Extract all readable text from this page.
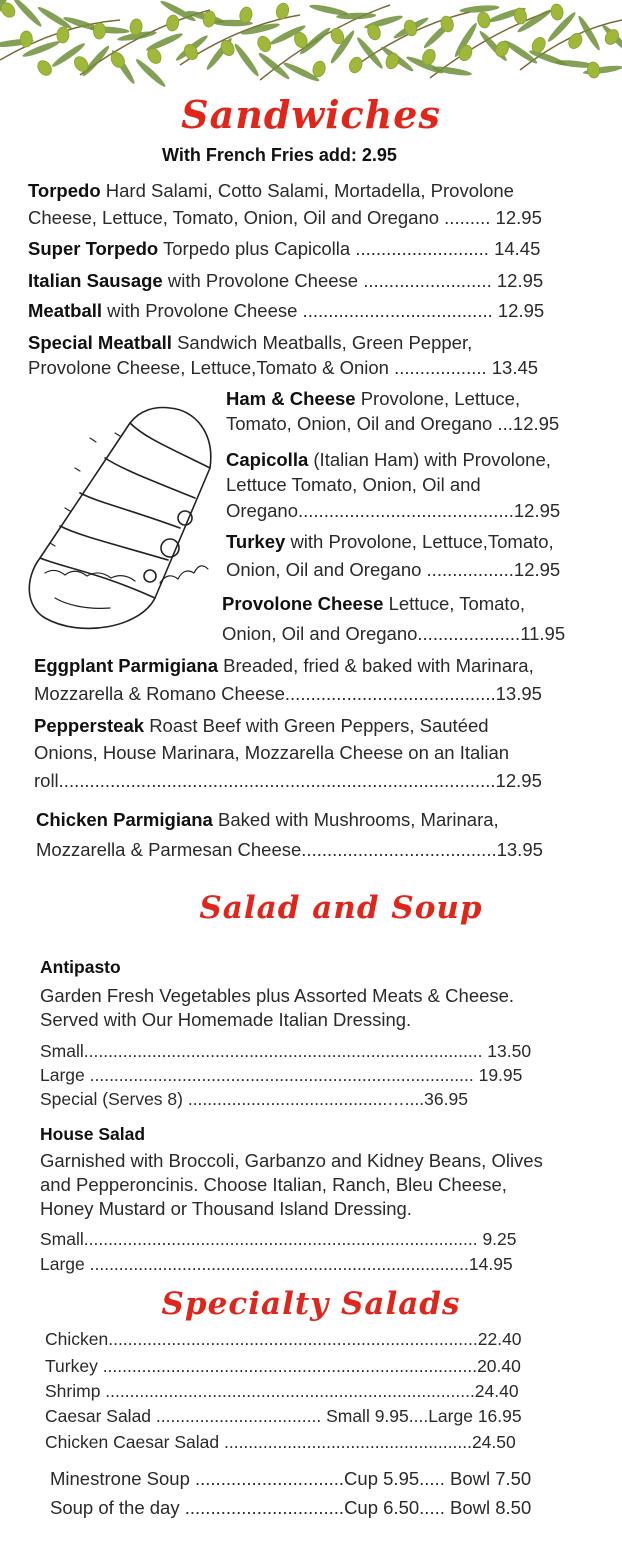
Sandwiches
With French Fries add: 2.95
Torpedo Hard Salami, Cotto Salami, Mortadella, Provolone
Cheese, Lettuce, Tomato, Onion, Oil and Oregano ......... 12.95
Super Torpedo Torpedo plus Capicolla .......................... 14.45
Italian Sausage with Provolone Cheese ......................... 12.95
Meatball with Provolone Cheese ..................................... 12.95
Special Meatball Sandwich Meatballs, Green Pepper,
Provolone Cheese, Lettuce,Tomato & Onion .................. 13.45
Ham & Cheese Provolone, Lettuce,
Tomato, Onion, Oil and Oregano ...12.95
Capicolla (Italian Ham) with Provolone,
Lettuce Tomato, Onion, Oil and
Oregano..........................................12.95
Turkey with Provolone, Lettuce,Tomato,
Onion, Oil and Oregano .................12.95
Provolone Cheese Lettuce, Tomato,
Onion, Oil and Oregano....................11.95
Eggplant Parmigiana Breaded, fried & baked with Marinara,
Mozzarella & Romano Cheese.........................................13.95
Peppersteak Roast Beef with Green Peppers, Sautéed
Onions, House Marinara, Mozzarella Cheese on an Italian
roll.....................................................................................12.95
Chicken Parmigiana Baked with Mushrooms, Marinara,
Mozzarella & Parmesan Cheese......................................13.95
Salad and Soup
Antipasto
Garden Fresh Vegetables plus Assorted Meats & Cheese.
Served with Our Homemade Italian Dressing.
Small.................................................................................. 13.50
Large ............................................................................... 19.95
Special (Serves 8) .........................................…....36.95
House Salad
Garnished with Broccoli, Garbanzo and Kidney Beans, Olives
and Pepperoncinis. Choose Italian, Ranch, Bleu Cheese,
Honey Mustard or Thousand Island Dressing.
Small................................................................................. 9.25
Large ..............................................................................14.95
Specialty Salads
Chicken............................................................................22.40
Turkey .............................................................................20.40
Shrimp ............................................................................24.40
Caesar Salad .................................. Small 9.95....Large 16.95
Chicken Caesar Salad ...................................................24.50
Minestrone Soup .............................Cup 5.95..... Bowl 7.50
Soup of the day ...............................Cup 6.50..... Bowl 8.50
